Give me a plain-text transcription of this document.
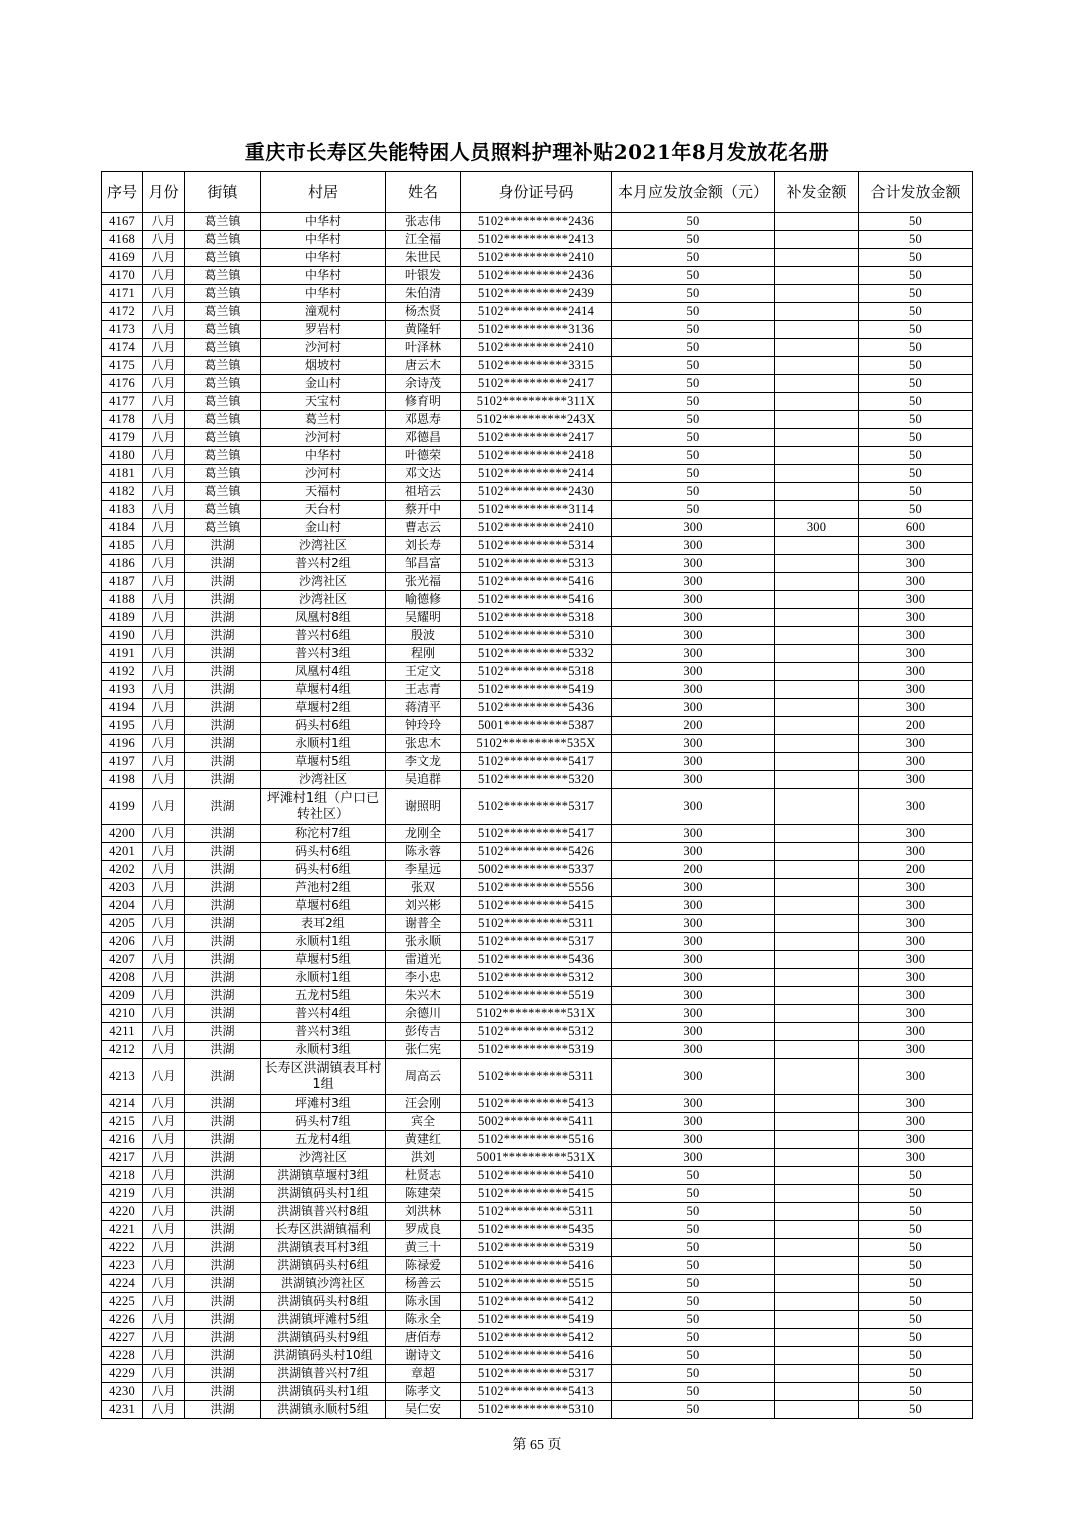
重庆市长寿区失能特困人员照料护理补贴2021年8月发放花名册
序号	月份	街镇	村居	姓名	身份证号码	本月应发放金额（元）	补发金额	合计发放金额
4167	八月	葛兰镇	中华村	张志伟	5102**********2436	50		50
4168	八月	葛兰镇	中华村	江全福	5102**********2413	50		50
4169	八月	葛兰镇	中华村	朱世民	5102**********2410	50		50
4170	八月	葛兰镇	中华村	叶银发	5102**********2436	50		50
4171	八月	葛兰镇	中华村	朱伯清	5102**********2439	50		50
4172	八月	葛兰镇	潼观村	杨杰贤	5102**********2414	50		50
4173	八月	葛兰镇	罗岩村	黄隆轩	5102**********3136	50		50
4174	八月	葛兰镇	沙河村	叶泽林	5102**********2410	50		50
4175	八月	葛兰镇	烟坡村	唐云木	5102**********3315	50		50
4176	八月	葛兰镇	金山村	余诗茂	5102**********2417	50		50
4177	八月	葛兰镇	天宝村	修育明	5102**********311X	50		50
4178	八月	葛兰镇	葛兰村	邓恩寿	5102**********243X	50		50
4179	八月	葛兰镇	沙河村	邓德昌	5102**********2417	50		50
4180	八月	葛兰镇	中华村	叶德荣	5102**********2418	50		50
4181	八月	葛兰镇	沙河村	邓文达	5102**********2414	50		50
4182	八月	葛兰镇	天福村	祖培云	5102**********2430	50		50
4183	八月	葛兰镇	天台村	蔡开中	5102**********3114	50		50
4184	八月	葛兰镇	金山村	曹志云	5102**********2410	300	300	600
4185	八月	洪湖	沙湾社区	刘长寿	5102**********5314	300		300
4186	八月	洪湖	普兴村2组	邹昌富	5102**********5313	300		300
4187	八月	洪湖	沙湾社区	张光福	5102**********5416	300		300
4188	八月	洪湖	沙湾社区	喻德修	5102**********5416	300		300
4189	八月	洪湖	凤凰村8组	吴耀明	5102**********5318	300		300
4190	八月	洪湖	普兴村6组	殷波	5102**********5310	300		300
4191	八月	洪湖	普兴村3组	程刚	5102**********5332	300		300
4192	八月	洪湖	凤凰村4组	王定文	5102**********5318	300		300
4193	八月	洪湖	草堰村4组	王志青	5102**********5419	300		300
4194	八月	洪湖	草堰村2组	蒋清平	5102**********5436	300		300
4195	八月	洪湖	码头村6组	钟玲玲	5001**********5387	200		200
4196	八月	洪湖	永顺村1组	张忠木	5102**********535X	300		300
4197	八月	洪湖	草堰村5组	李文龙	5102**********5417	300		300
4198	八月	洪湖	沙湾社区	吴追群	5102**********5320	300		300
4199	八月	洪湖	坪滩村1组（户口已转社区）	谢照明	5102**********5317	300		300
4200	八月	洪湖	称沱村7组	龙刚全	5102**********5417	300		300
4201	八月	洪湖	码头村6组	陈永蓉	5102**********5426	300		300
4202	八月	洪湖	码头村6组	李星远	5002**********5337	200		200
4203	八月	洪湖	芦池村2组	张双	5102**********5556	300		300
4204	八月	洪湖	草堰村6组	刘兴彬	5102**********5415	300		300
4205	八月	洪湖	表耳2组	谢普全	5102**********5311	300		300
4206	八月	洪湖	永顺村1组	张永顺	5102**********5317	300		300
4207	八月	洪湖	草堰村5组	雷道光	5102**********5436	300		300
4208	八月	洪湖	永顺村1组	李小忠	5102**********5312	300		300
4209	八月	洪湖	五龙村5组	朱兴木	5102**********5519	300		300
4210	八月	洪湖	普兴村4组	余德川	5102**********531X	300		300
4211	八月	洪湖	普兴村3组	彭传吉	5102**********5312	300		300
4212	八月	洪湖	永顺村3组	张仁宪	5102**********5319	300		300
4213	八月	洪湖	长寿区洪湖镇表耳村1组	周高云	5102**********5311	300		300
4214	八月	洪湖	坪滩村3组	汪会刚	5102**********5413	300		300
4215	八月	洪湖	码头村7组	宾全	5002**********5411	300		300
4216	八月	洪湖	五龙村4组	黄建红	5102**********5516	300		300
4217	八月	洪湖	沙湾社区	洪刘	5001**********531X	300		300
4218	八月	洪湖	洪湖镇草堰村3组	杜贤志	5102**********5410	50		50
4219	八月	洪湖	洪湖镇码头村1组	陈建荣	5102**********5415	50		50
4220	八月	洪湖	洪湖镇普兴村8组	刘洪林	5102**********5311	50		50
4221	八月	洪湖	长寿区洪湖镇福利	罗成良	5102**********5435	50		50
4222	八月	洪湖	洪湖镇表耳村3组	黄三十	5102**********5319	50		50
4223	八月	洪湖	洪湖镇码头村6组	陈禄爱	5102**********5416	50		50
4224	八月	洪湖	洪湖镇沙湾社区	杨善云	5102**********5515	50		50
4225	八月	洪湖	洪湖镇码头村8组	陈永国	5102**********5412	50		50
4226	八月	洪湖	洪湖镇坪滩村5组	陈永全	5102**********5419	50		50
4227	八月	洪湖	洪湖镇码头村9组	唐佰寿	5102**********5412	50		50
4228	八月	洪湖	洪湖镇码头村10组	谢诗文	5102**********5416	50		50
4229	八月	洪湖	洪湖镇普兴村7组	章超	5102**********5317	50		50
4230	八月	洪湖	洪湖镇码头村1组	陈孝文	5102**********5413	50		50
4231	八月	洪湖	洪湖镇永顺村5组	吴仁安	5102**********5310	50		50
第 65 页
